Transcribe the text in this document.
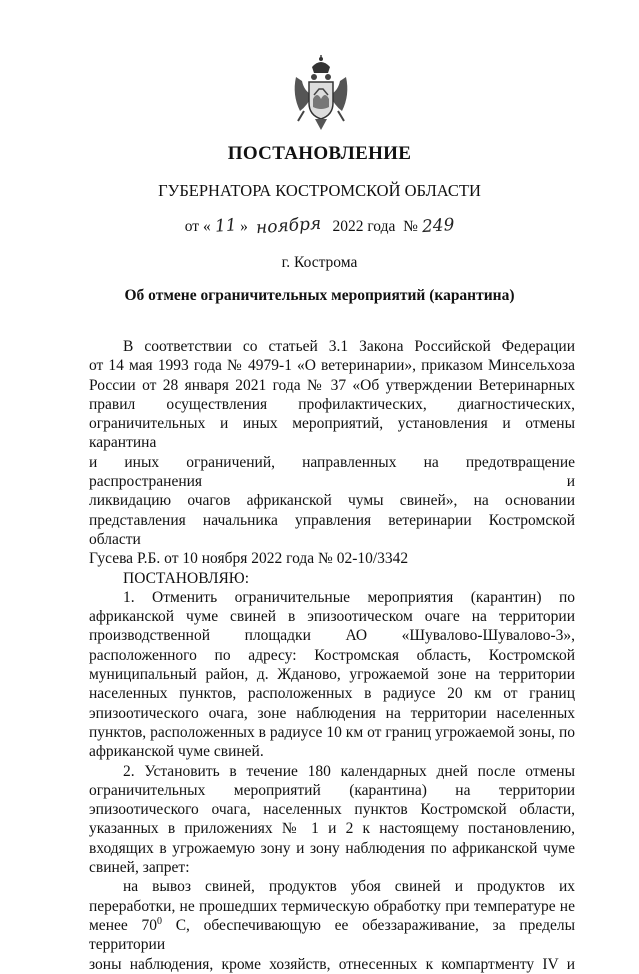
ПОСТАНОВЛЕНИЕ
ГУБЕРНАТОРА КОСТРОМСКОЙ ОБЛАСТИ
от « 11 » ноября 2022 года № 249
г. Кострома
Об отмене ограничительных мероприятий (карантина)

В соответствии со статьей 3.1 Закона Российской Федерации

от 14 мая 1993 года № 4979-1 «О ветеринарии», приказом Минсельхоза

России от 28 января 2021 года № 37 «Об утверждении Ветеринарных

правил осуществления профилактических, диагностических,

ограничительных и иных мероприятий, установления и отмены карантина

и иных ограничений, направленных на предотвращение распространения и

ликвидацию очагов африканской чумы свиней», на основании

представления начальника управления ветеринарии Костромской области

Гусева Р.Б. от 10 ноября 2022 года № 02-10/3342

ПОСТАНОВЛЯЮ:

1. Отменить ограничительные мероприятия (карантин) по

африканской чуме свиней в эпизоотическом очаге на территории

производственной площадки АО «Шувалово-Шувалово-3»,

расположенного по адресу: Костромская область, Костромской

муниципальный район, д. Жданово, угрожаемой зоне на территории

населенных пунктов, расположенных в радиусе 20 км от границ

эпизоотического очага, зоне наблюдения на территории населенных

пунктов, расположенных в радиусе 10 км от границ угрожаемой зоны, по

африканской чуме свиней.

2. Установить в течение 180 календарных дней после отмены

ограничительных мероприятий (карантина) на территории

эпизоотического очага, населенных пунктов Костромской области,

указанных в приложениях № 1 и 2 к настоящему постановлению,

входящих в угрожаемую зону и зону наблюдения по африканской чуме

свиней, запрет:

на вывоз свиней, продуктов убоя свиней и продуктов их

переработки, не прошедших термическую обработку при температуре не

менее $70^0$ С, обеспечивающую ее обеззараживание, за пределы территории

зоны наблюдения, кроме хозяйств, отнесенных к компартменту IV и
